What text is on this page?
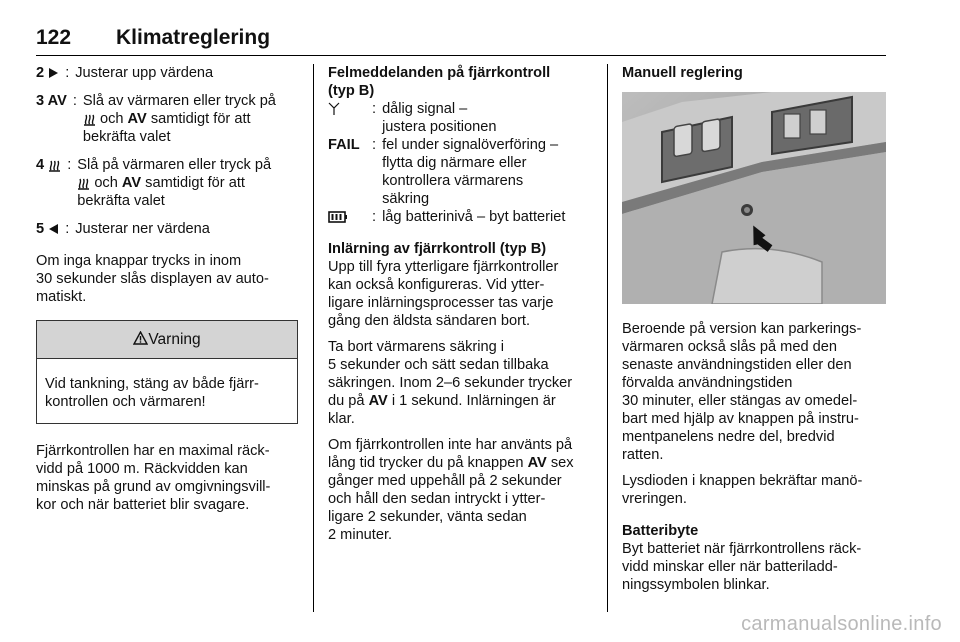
122 Klimatreglering
2	: Justerar upp värdena
3 AV : Slå av värmaren eller tryck på
och AV samtidigt för att
bekräfta valet
4	: Slå på värmaren eller tryck på
och AV samtidigt för att
bekräfta valet
5	: Justerar ner värdena

Om inga knappar trycks in inom
30 sekunder slås displayen av auto-
matiskt.

Varning
Vid tankning, stäng av både fjärr-
kontrollen och värmaren!

Fjärrkontrollen har en maximal räck-
vidd på 1000 m. Räckvidden kan
minskas på grund av omgivningsvill-
kor och när batteriet blir svagare.

Felmeddelanden på fjärrkontroll
(typ B)

: dålig signal –
justera positionen
FAIL : fel under signalöverföring –
flytta dig närmare eller
kontrollera värmarens
säkring
: låg batterinivå – byt batteriet

Inlärning av fjärrkontroll (typ B)

Upp till fyra ytterligare fjärrkontroller
kan också konfigureras. Vid ytter-
ligare inlärningsprocesser tas varje
gång den äldsta sändaren bort.

Ta bort värmarens säkring i
5 sekunder och sätt sedan tillbaka
säkringen. Inom 2–6 sekunder trycker
du på AV i 1 sekund. Inlärningen är
klar.

Om fjärrkontrollen inte har använts på
lång tid trycker du på knappen AV sex
gånger med uppehåll på 2 sekunder
och håll den sedan intryckt i ytter-
ligare 2 sekunder, vänta sedan
2 minuter.

Manuell reglering

Beroende på version kan parkerings-
värmaren också slås på med den
senaste användningstiden eller den
förvalda användningstiden
30 minuter, eller stängas av omedel-
bart med hjälp av knappen på instru-
mentpanelens nedre del, bredvid
ratten.

Lysdioden i knappen bekräftar manö-
vreringen.

Batteribyte

Byt batteriet när fjärrkontrollens räck-
vidd minskar eller när batteriladd-
ningssymbolen blinkar.

carmanualsonline.info
